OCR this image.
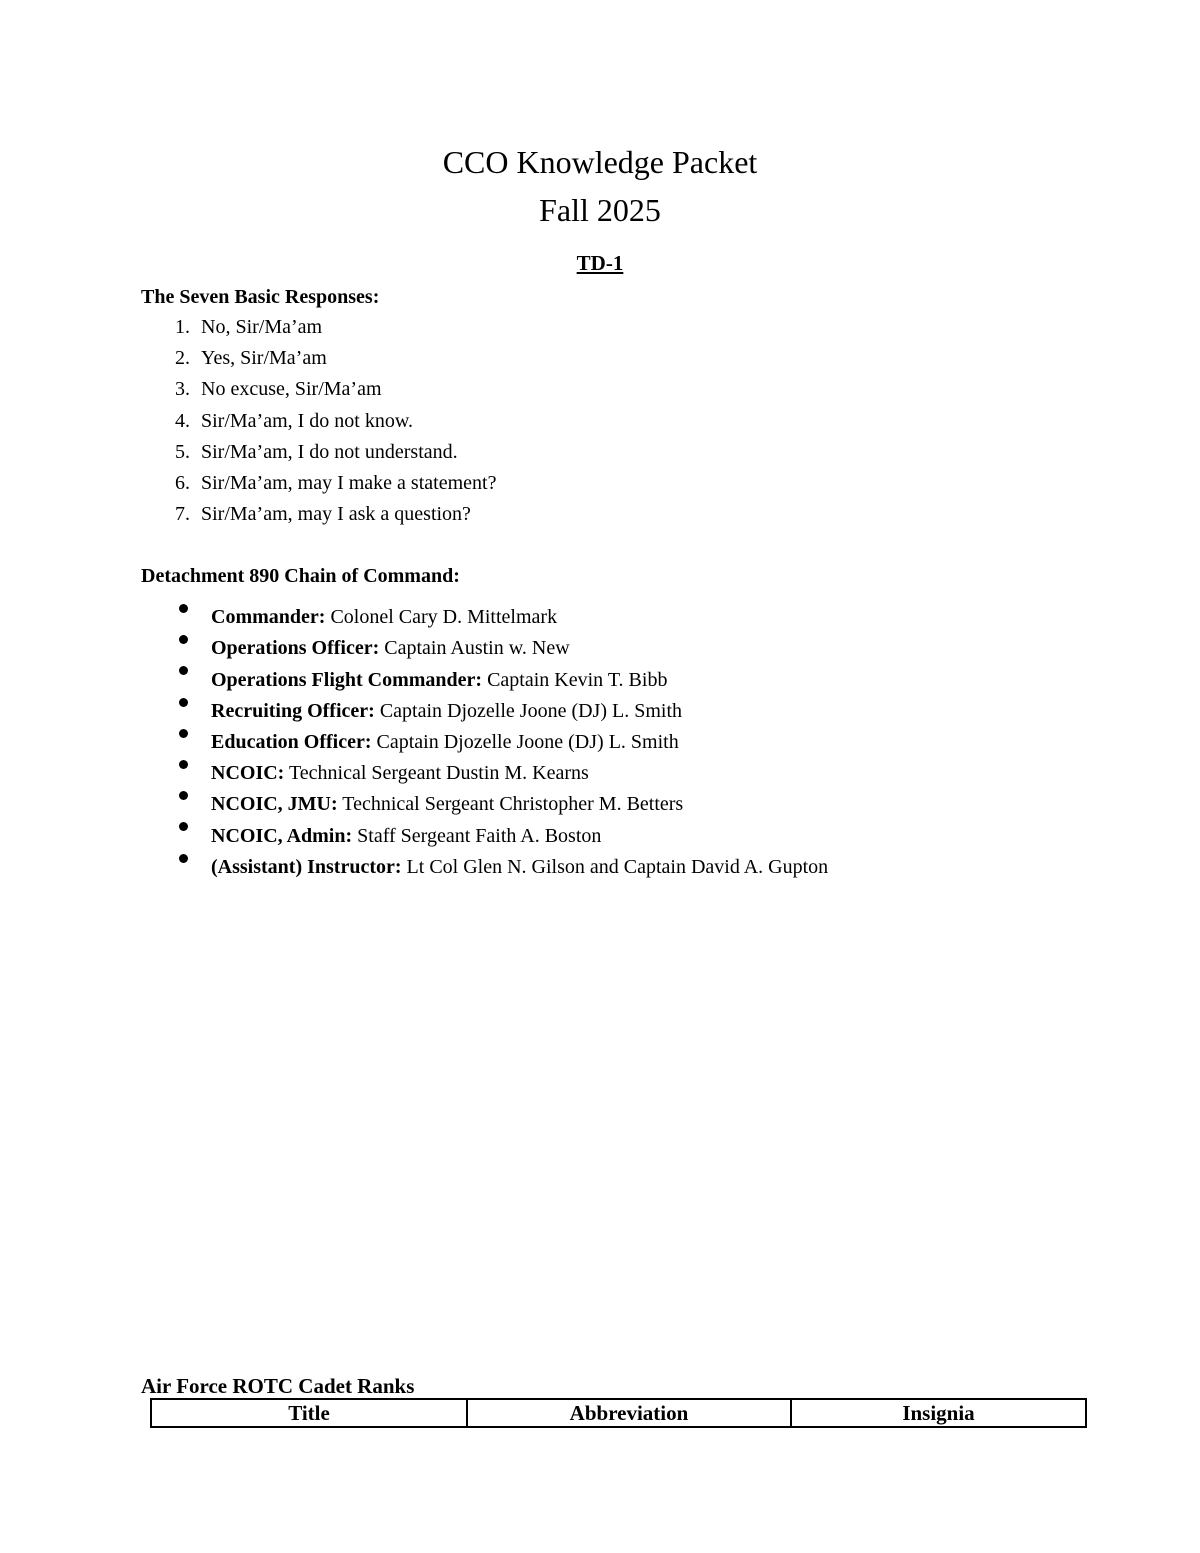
CCO Knowledge Packet
Fall 2025
TD-1
The Seven Basic Responses:
1. No, Sir/Ma’am
2. Yes, Sir/Ma’am
3. No excuse, Sir/Ma’am
4. Sir/Ma’am, I do not know.
5. Sir/Ma’am, I do not understand.
6. Sir/Ma’am, may I make a statement?
7. Sir/Ma’am, may I ask a question?
Detachment 890 Chain of Command:
Commander: Colonel Cary D. Mittelmark
Operations Officer: Captain Austin w. New
Operations Flight Commander: Captain Kevin T. Bibb
Recruiting Officer: Captain Djozelle Joone (DJ) L. Smith
Education Officer: Captain Djozelle Joone (DJ) L. Smith
NCOIC: Technical Sergeant Dustin M. Kearns
NCOIC, JMU: Technical Sergeant Christopher M. Betters
NCOIC, Admin: Staff Sergeant Faith A. Boston
(Assistant) Instructor: Lt Col Glen N. Gilson and Captain David A. Gupton
Air Force ROTC Cadet Ranks
Title	Abbreviation	Insignia
